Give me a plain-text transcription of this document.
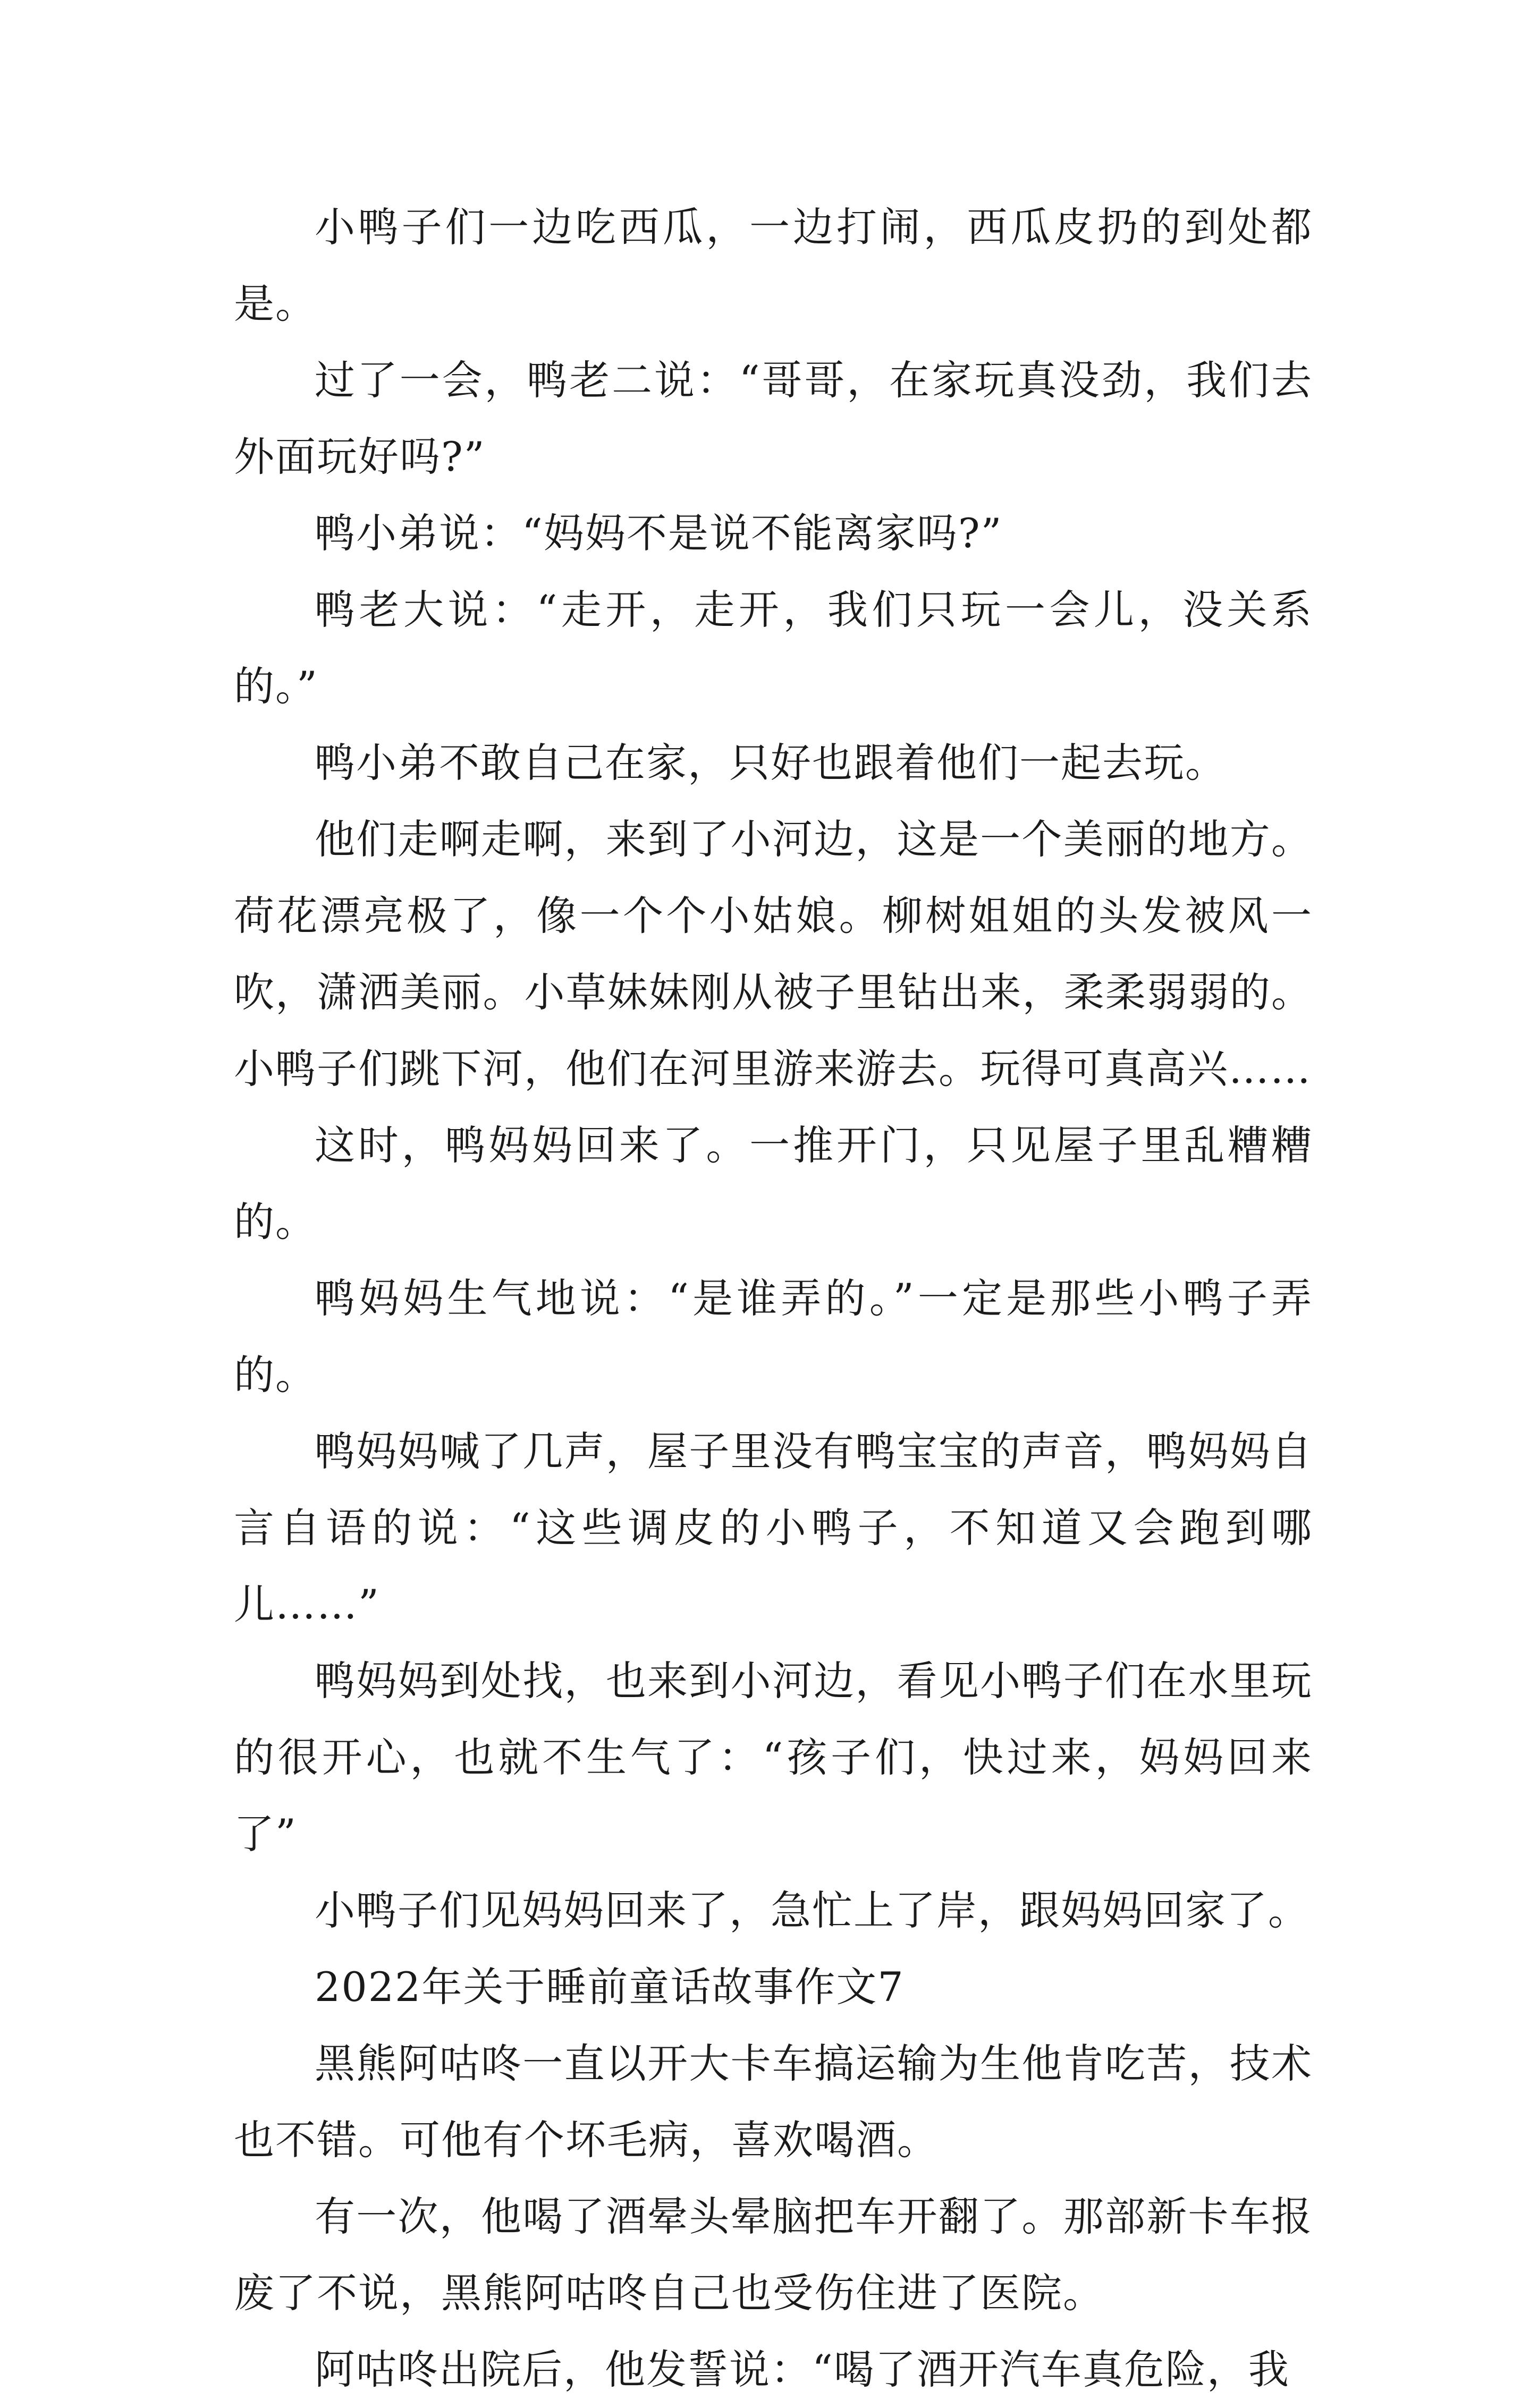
小鸭子们一边吃西瓜，一边打闹，西瓜皮扔的到处都是。

过了一会，鸭老二说：“哥哥，在家玩真没劲，我们去外面玩好吗?”

鸭小弟说：“妈妈不是说不能离家吗?”

鸭老大说：“走开，走开，我们只玩一会儿，没关系的。”

鸭小弟不敢自己在家，只好也跟着他们一起去玩。

他们走啊走啊，来到了小河边，这是一个美丽的地方。荷花漂亮极了，像一个个小姑娘。柳树姐姐的头发被风一吹，潇洒美丽。小草妹妹刚从被子里钻出来，柔柔弱弱的。小鸭子们跳下河，他们在河里游来游去。玩得可真高兴……

这时，鸭妈妈回来了。一推开门，只见屋子里乱糟糟的。

鸭妈妈生气地说：“是谁弄的。”一定是那些小鸭子弄的。

鸭妈妈喊了几声，屋子里没有鸭宝宝的声音，鸭妈妈自言自语的说：“这些调皮的小鸭子，不知道又会跑到哪儿……”

鸭妈妈到处找，也来到小河边，看见小鸭子们在水里玩的很开心，也就不生气了：“孩子们，快过来，妈妈回来了”

小鸭子们见妈妈回来了，急忙上了岸，跟妈妈回家了。

2022年关于睡前童话故事作文7

黑熊阿咕咚一直以开大卡车搞运输为生他肯吃苦，技术也不错。可他有个坏毛病，喜欢喝酒。

有一次，他喝了酒晕头晕脑把车开翻了。那部新卡车报废了不说，黑熊阿咕咚自己也受伤住进了医院。

阿咕咚出院后，他发誓说：“喝了酒开汽车真危险，我
